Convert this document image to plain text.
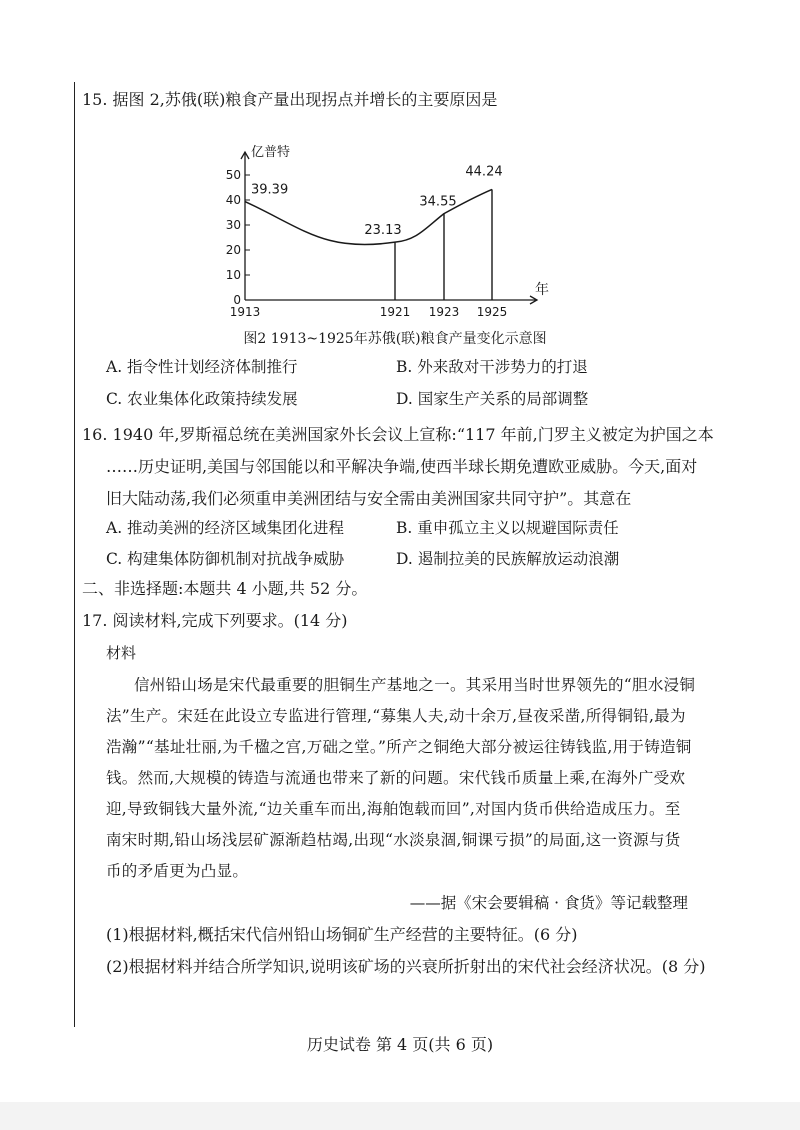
15. 据图 2,苏俄(联)粮食产量出现拐点并增长的主要原因是
亿普特
年
0
10
20
30
40
50
1913	1921 1923 1925
39.39
23.13
34.55
44.24
图2 1913~1925年苏俄(联)粮食产量变化示意图
A. 指令性计划经济体制推行	B. 外来敌对干涉势力的打退
C. 农业集体化政策持续发展	D. 国家生产关系的局部调整
16. 1940 年,罗斯福总统在美洲国家外长会议上宣称:“117 年前,门罗主义被定为护国之本
……历史证明,美国与邻国能以和平解决争端,使西半球长期免遭欧亚威胁。今天,面对
旧大陆动荡,我们必须重申美洲团结与安全需由美洲国家共同守护”。其意在
A. 推动美洲的经济区域集团化进程	B. 重申孤立主义以规避国际责任
C. 构建集体防御机制对抗战争威胁	D. 遏制拉美的民族解放运动浪潮
二、非选择题:本题共 4 小题,共 52 分。
17. 阅读材料,完成下列要求。(14 分)
材料
信州铅山场是宋代最重要的胆铜生产基地之一。其采用当时世界领先的“胆水浸铜
法”生产。宋廷在此设立专监进行管理,“募集人夫,动十余万,昼夜采凿,所得铜铅,最为
浩瀚”“基址壮丽,为千楹之宫,万础之堂。”所产之铜绝大部分被运往铸钱监,用于铸造铜
钱。然而,大规模的铸造与流通也带来了新的问题。宋代钱币质量上乘,在海外广受欢
迎,导致铜钱大量外流,“边关重车而出,海舶饱载而回”,对国内货币供给造成压力。至
南宋时期,铅山场浅层矿源渐趋枯竭,出现“水淡泉涸,铜课亏损”的局面,这一资源与货
币的矛盾更为凸显。
——据《宋会要辑稿 · 食货》等记载整理
(1)根据材料,概括宋代信州铅山场铜矿生产经营的主要特征。(6 分)
(2)根据材料并结合所学知识,说明该矿场的兴衰所折射出的宋代社会经济状况。(8 分)
历史试卷 第 4 页(共 6 页)
